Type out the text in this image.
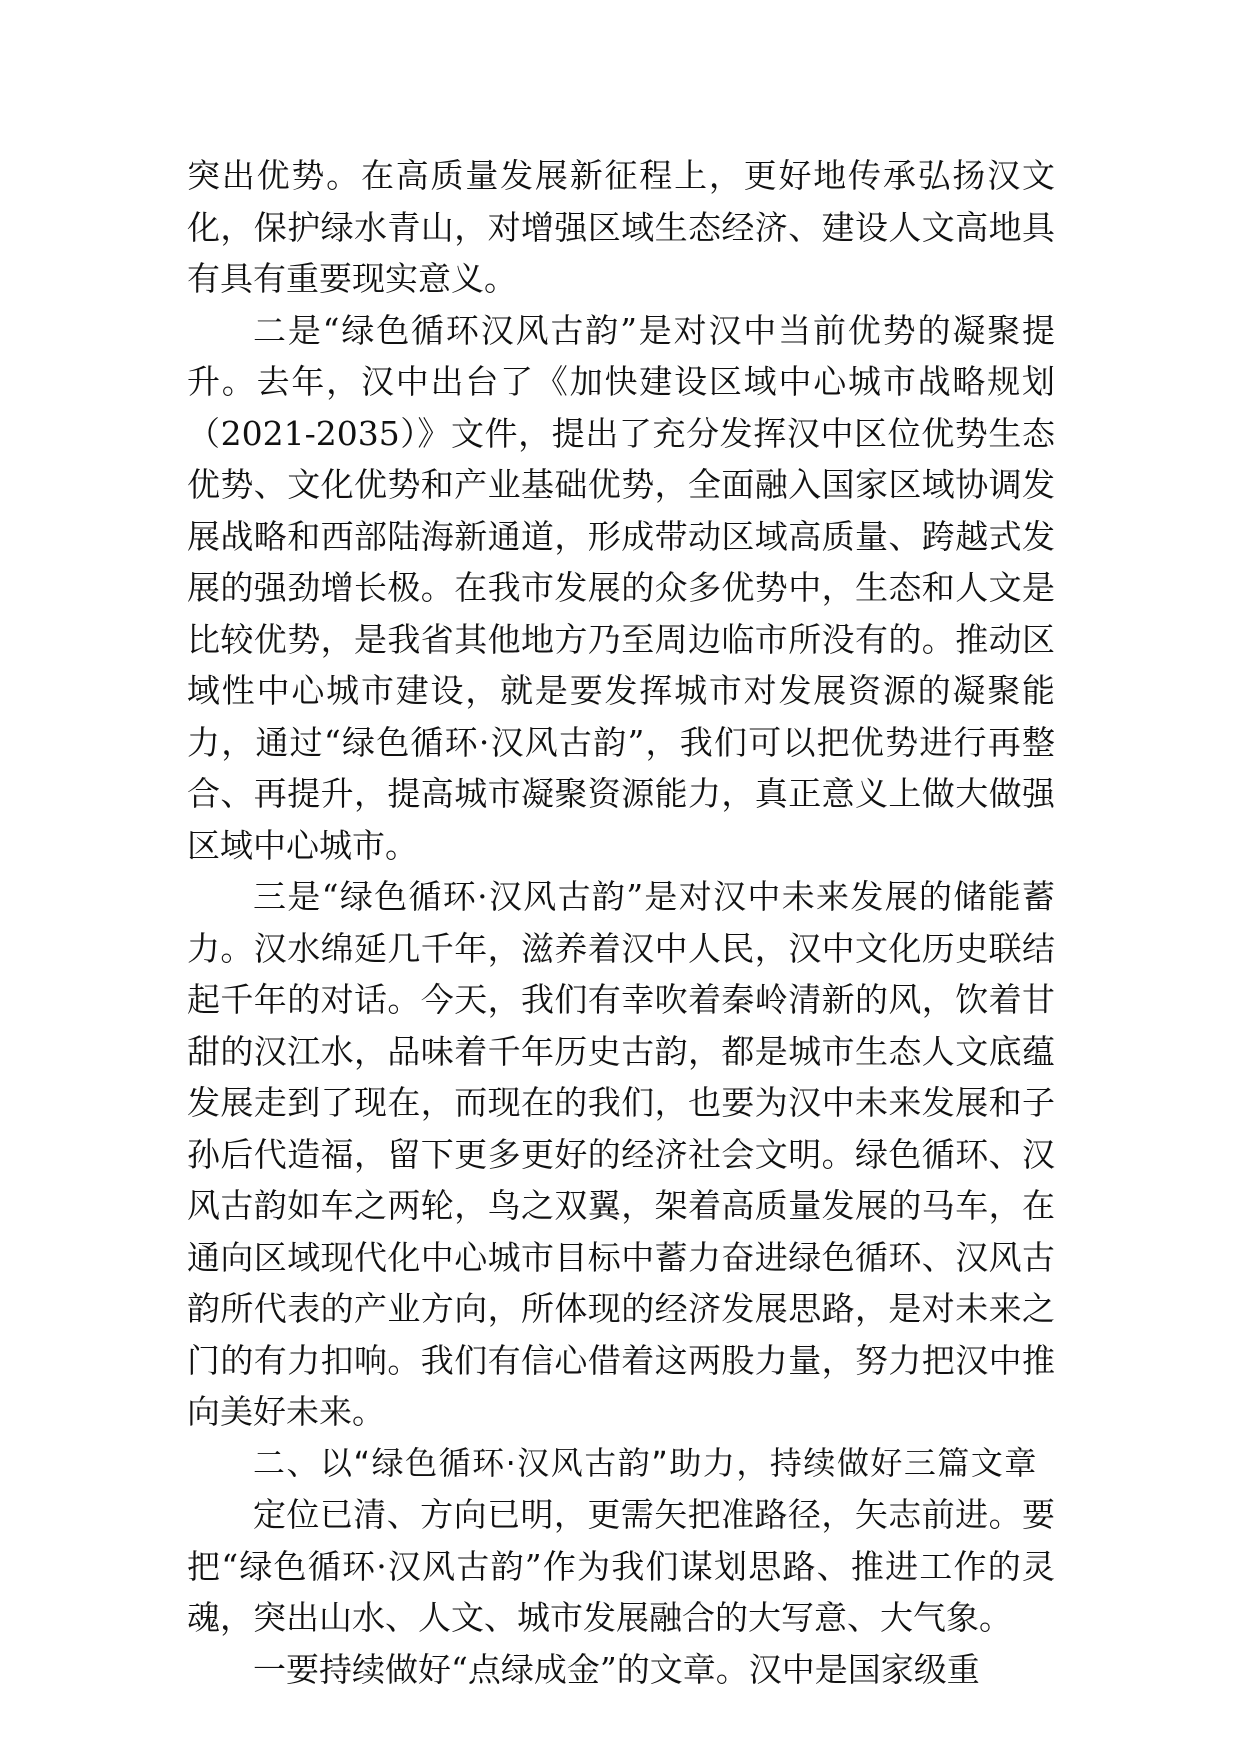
突出优势。在高质量发展新征程上，更好地传承弘扬汉文化，保护绿水青山，对增强区域生态经济、建设人文高地具有具有重要现实意义。

二是“绿色循环汉风古韵”是对汉中当前优势的凝聚提升。去年，汉中出台了《加快建设区域中心城市战略规划（2021-2035）》文件，提出了充分发挥汉中区位优势生态优势、文化优势和产业基础优势，全面融入国家区域协调发展战略和西部陆海新通道，形成带动区域高质量、跨越式发展的强劲增长极。在我市发展的众多优势中，生态和人文是比较优势，是我省其他地方乃至周边临市所没有的。推动区域性中心城市建设，就是要发挥城市对发展资源的凝聚能力，通过“绿色循环·汉风古韵”，我们可以把优势进行再整合、再提升，提高城市凝聚资源能力，真正意义上做大做强区域中心城市。

三是“绿色循环·汉风古韵”是对汉中未来发展的储能蓄力。汉水绵延几千年，滋养着汉中人民，汉中文化历史联结起千年的对话。今天，我们有幸吹着秦岭清新的风，饮着甘甜的汉江水，品味着千年历史古韵，都是城市生态人文底蕴发展走到了现在，而现在的我们，也要为汉中未来发展和子孙后代造福，留下更多更好的经济社会文明。绿色循环、汉风古韵如车之两轮，鸟之双翼，架着高质量发展的马车，在通向区域现代化中心城市目标中蓄力奋进绿色循环、汉风古韵所代表的产业方向，所体现的经济发展思路，是对未来之门的有力扣响。我们有信心借着这两股力量，努力把汉中推向美好未来。

二、以“绿色循环·汉风古韵”助力，持续做好三篇文章

定位已清、方向已明，更需矢把准路径，矢志前进。要把“绿色循环·汉风古韵”作为我们谋划思路、推进工作的灵魂，突出山水、人文、城市发展融合的大写意、大气象。

一要持续做好“点绿成金”的文章。汉中是国家级重
